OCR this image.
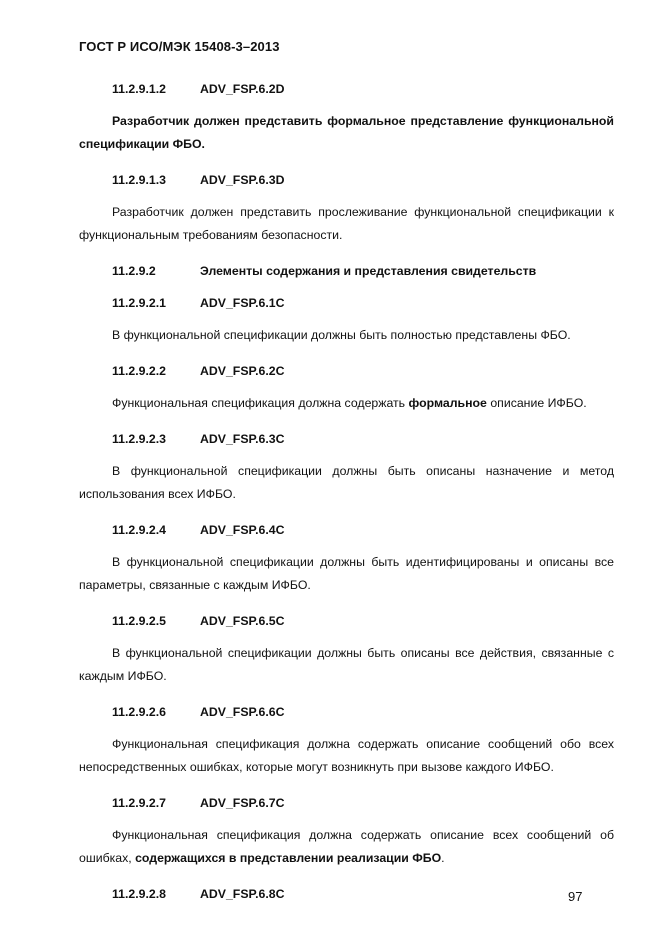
ГОСТ Р ИСО/МЭК 15408-3–2013
11.2.9.1.2	ADV_FSP.6.2D
Разработчик должен представить формальное представление функциональной спецификации ФБО.
11.2.9.1.3	ADV_FSP.6.3D
Разработчик должен представить прослеживание функциональной спецификации к функциональным требованиям безопасности.
11.2.9.2	Элементы содержания и представления свидетельств
11.2.9.2.1	ADV_FSP.6.1C
В функциональной спецификации должны быть полностью представлены ФБО.
11.2.9.2.2	ADV_FSP.6.2C
Функциональная спецификация должна содержать формальное описание ИФБО.
11.2.9.2.3	ADV_FSP.6.3C
В функциональной спецификации должны быть описаны назначение и метод использования всех ИФБО.
11.2.9.2.4	ADV_FSP.6.4C
В функциональной спецификации должны быть идентифицированы и описаны все параметры, связанные с каждым ИФБО.
11.2.9.2.5	ADV_FSP.6.5C
В функциональной спецификации должны быть описаны все действия, связанные с каждым ИФБО.
11.2.9.2.6	ADV_FSP.6.6C
Функциональная спецификация должна содержать описание сообщений обо всех непосредственных ошибках, которые могут возникнуть при вызове каждого ИФБО.
11.2.9.2.7	ADV_FSP.6.7C
Функциональная спецификация должна содержать описание всех сообщений об ошибках, содержащихся в представлении реализации ФБО.
11.2.9.2.8	ADV_FSP.6.8C	97
